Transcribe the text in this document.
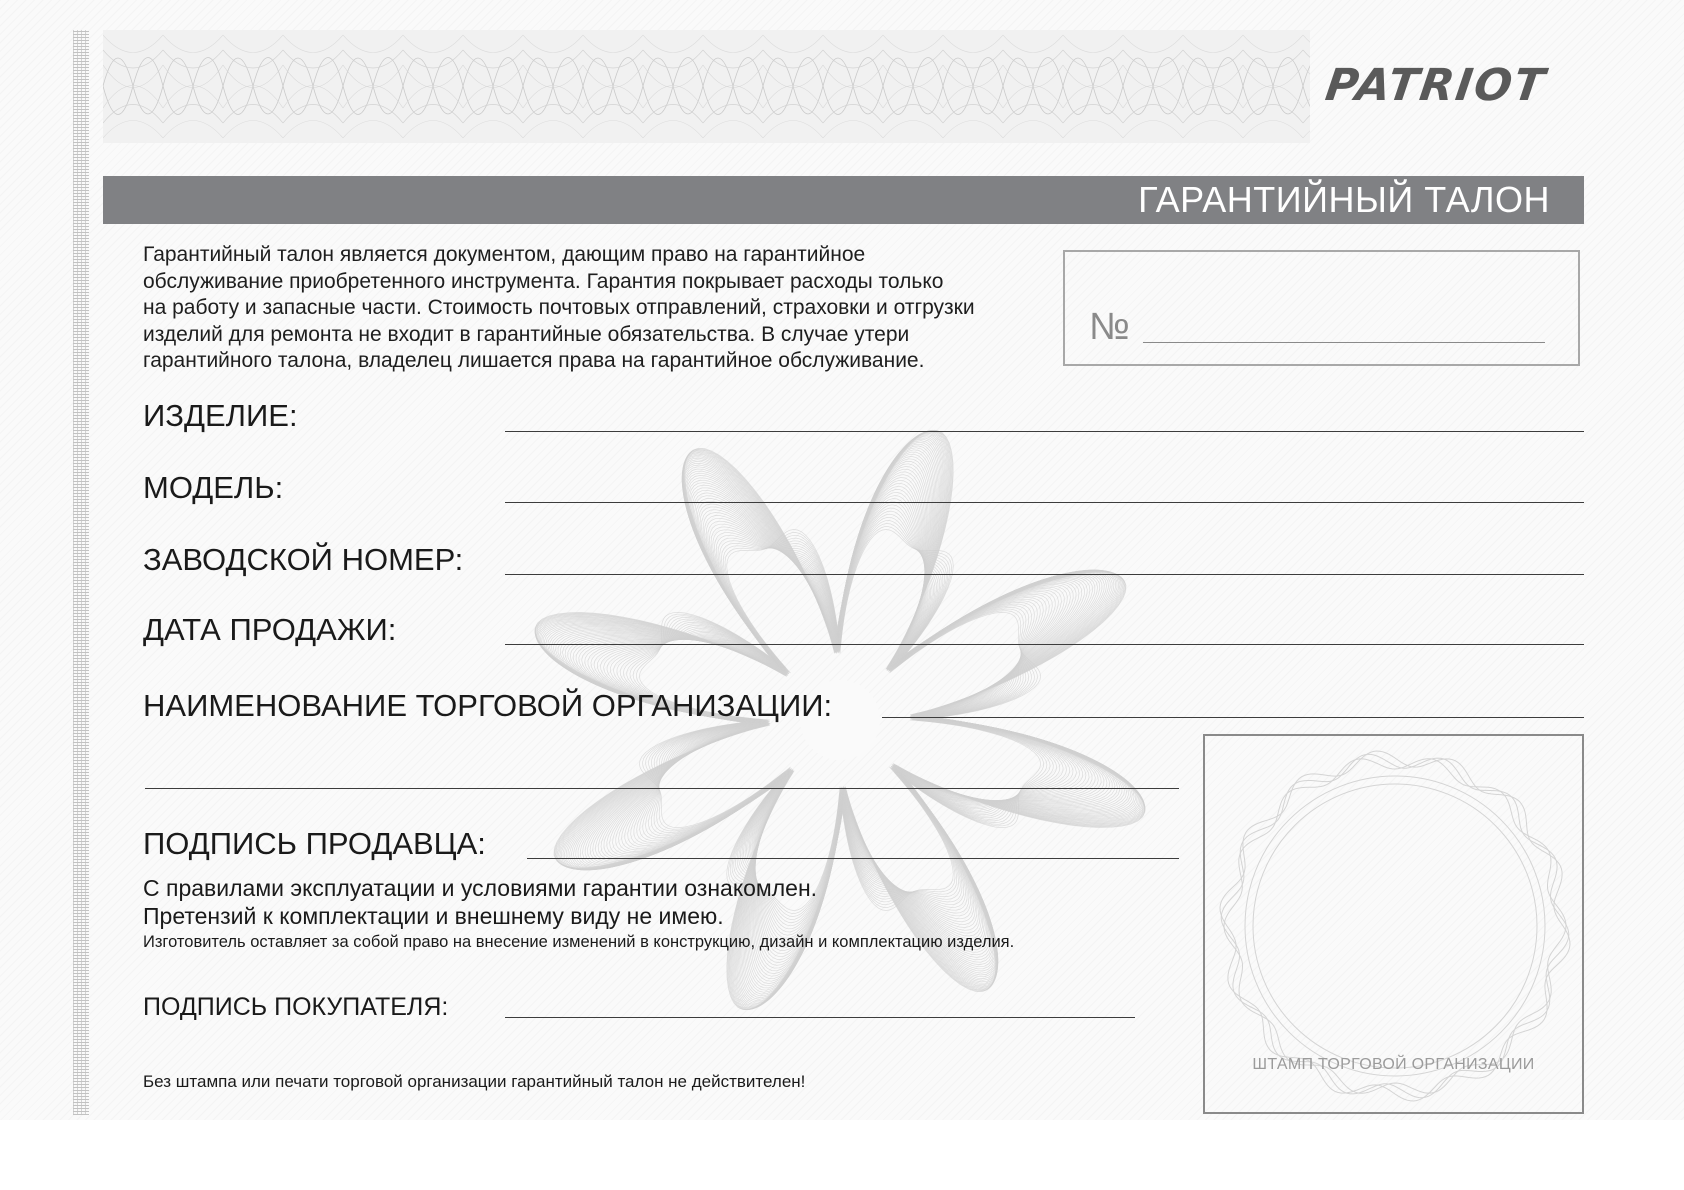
PATRIOT
ГАРАНТИЙНЫЙ ТАЛОН
Гарантийный талон является документом, дающим право на гарантийное
обслуживание приобретенного инструмента. Гарантия покрывает расходы только
на работу и запасные части. Стоимость почтовых отправлений, страховки и отгрузки
изделий для ремонта не входит в гарантийные обязательства. В случае утери
гарантийного талона, владелец лишается права на гарантийное обслуживание.
№
ИЗДЕЛИЕ:
МОДЕЛЬ:
ЗАВОДСКОЙ НОМЕР:
ДАТА ПРОДАЖИ:
НАИМЕНОВАНИЕ ТОРГОВОЙ ОРГАНИЗАЦИИ:
ПОДПИСЬ ПРОДАВЦА:
С правилами эксплуатации и условиями гарантии ознакомлен.
Претензий к комплектации и внешнему виду не имею.
Изготовитель оставляет за собой право на внесение изменений в конструкцию, дизайн и комплектацию изделия.
ПОДПИСЬ ПОКУПАТЕЛЯ:
Без штампа или печати торговой организации гарантийный талон не действителен!
ШТАМП ТОРГОВОЙ ОРГАНИЗАЦИИ
